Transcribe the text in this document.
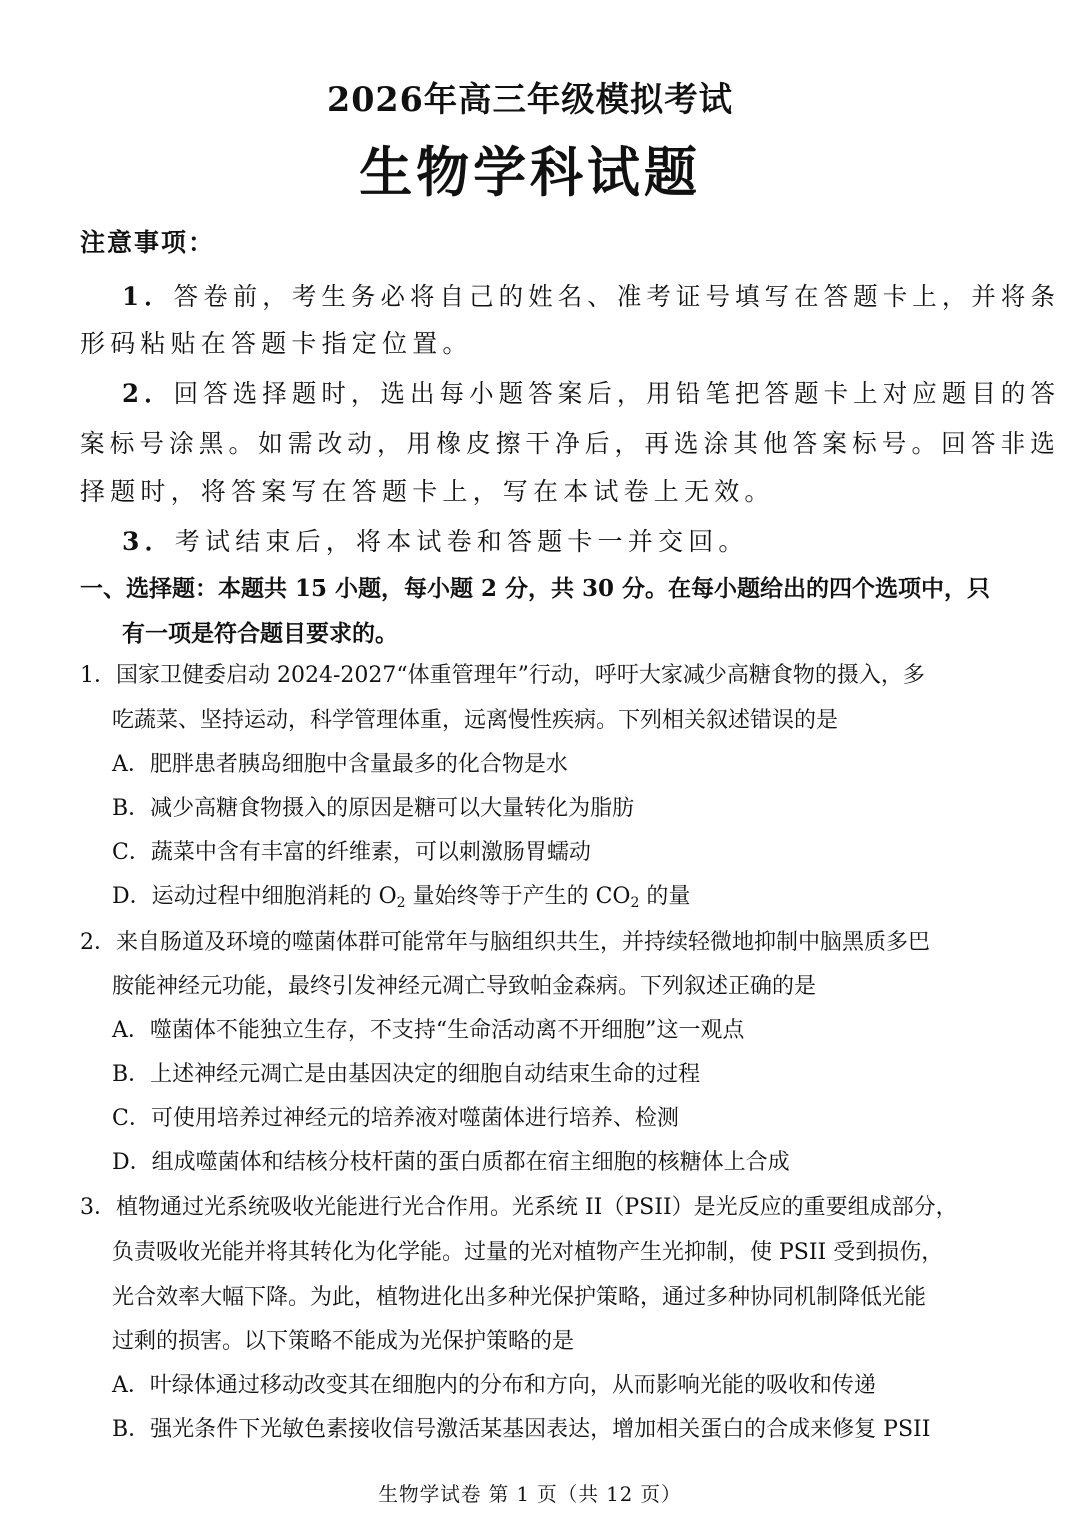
2026年高三年级模拟考试
生物学科试题
注意事项：
1．答卷前，考生务必将自己的姓名、准考证号填写在答题卡上，并将条
形码粘贴在答题卡指定位置。
2．回答选择题时，选出每小题答案后，用铅笔把答题卡上对应题目的答
案标号涂黑。如需改动，用橡皮擦干净后，再选涂其他答案标号。回答非选
择题时，将答案写在答题卡上，写在本试卷上无效。
3．考试结束后，将本试卷和答题卡一并交回。
一、选择题：本题共 15 小题，每小题 2 分，共 30 分。在每小题给出的四个选项中，只
有一项是符合题目要求的。
1．国家卫健委启动 2024-2027“体重管理年”行动，呼吁大家减少高糖食物的摄入，多
吃蔬菜、坚持运动，科学管理体重，远离慢性疾病。下列相关叙述错误的是
A．肥胖患者胰岛细胞中含量最多的化合物是水
B．减少高糖食物摄入的原因是糖可以大量转化为脂肪
C．蔬菜中含有丰富的纤维素，可以刺激肠胃蠕动
D．运动过程中细胞消耗的 $O_2$ 量始终等于产生的 $CO_2$ 的量
2．来自肠道及环境的噬菌体群可能常年与脑组织共生，并持续轻微地抑制中脑黑质多巴
胺能神经元功能，最终引发神经元凋亡导致帕金森病。下列叙述正确的是
A．噬菌体不能独立生存，不支持“生命活动离不开细胞”这一观点
B．上述神经元凋亡是由基因决定的细胞自动结束生命的过程
C．可使用培养过神经元的培养液对噬菌体进行培养、检测
D．组成噬菌体和结核分枝杆菌的蛋白质都在宿主细胞的核糖体上合成
3．植物通过光系统吸收光能进行光合作用。光系统 II（PSII）是光反应的重要组成部分，
负责吸收光能并将其转化为化学能。过量的光对植物产生光抑制，使 PSII 受到损伤，
光合效率大幅下降。为此，植物进化出多种光保护策略，通过多种协同机制降低光能
过剩的损害。以下策略不能成为光保护策略的是
A．叶绿体通过移动改变其在细胞内的分布和方向，从而影响光能的吸收和传递
B．强光条件下光敏色素接收信号激活某基因表达，增加相关蛋白的合成来修复 PSII
生物学试卷 第 1 页（共 12 页）
